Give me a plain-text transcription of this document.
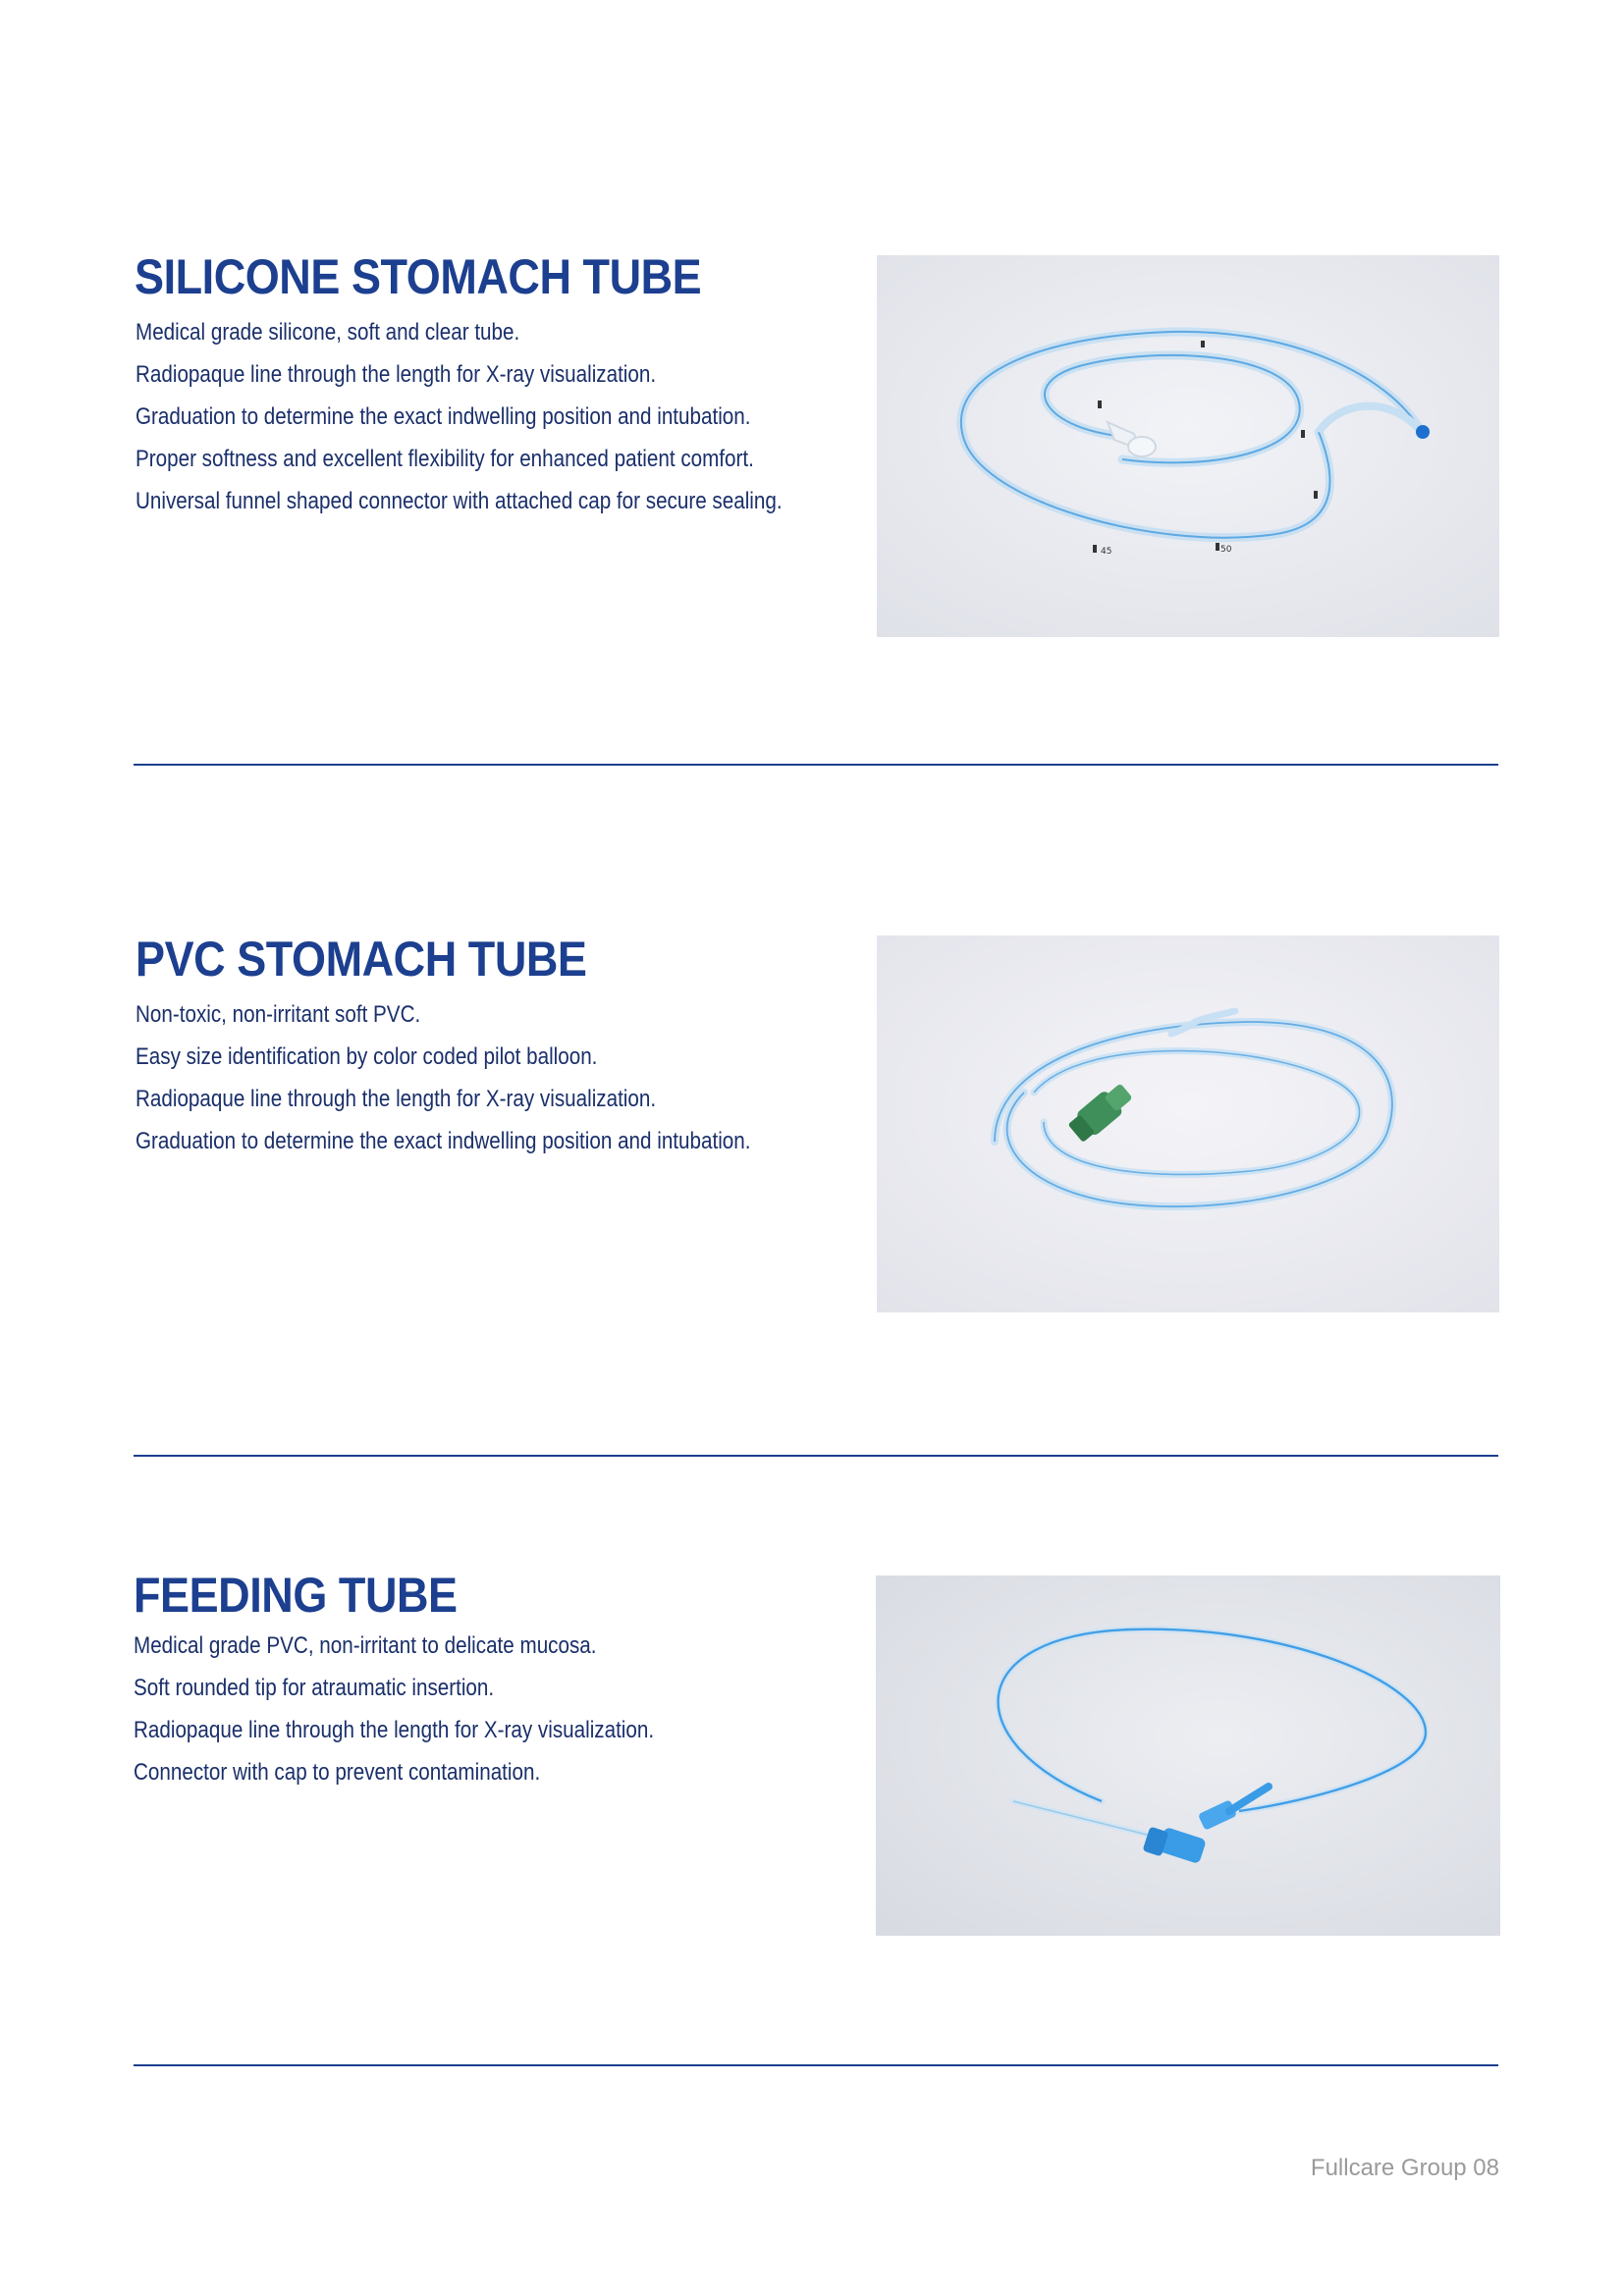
SILICONE STOMACH TUBE
Medical grade silicone, soft and clear tube.
Radiopaque line through the length for X-ray visualization.
Graduation to determine the exact indwelling position and intubation.
Proper softness and excellent flexibility for enhanced patient comfort.
Universal funnel shaped connector with attached cap for secure sealing.
45	50
PVC STOMACH TUBE
Non-toxic, non-irritant soft PVC.
Easy size identification by color coded pilot balloon.
Radiopaque line through the length for X-ray visualization.
Graduation to determine the exact indwelling position and intubation.
FEEDING TUBE
Medical grade PVC, non-irritant to delicate mucosa.
Soft rounded tip for atraumatic insertion.
Radiopaque line through the length for X-ray visualization.
Connector with cap to prevent contamination.
Fullcare Group 08
